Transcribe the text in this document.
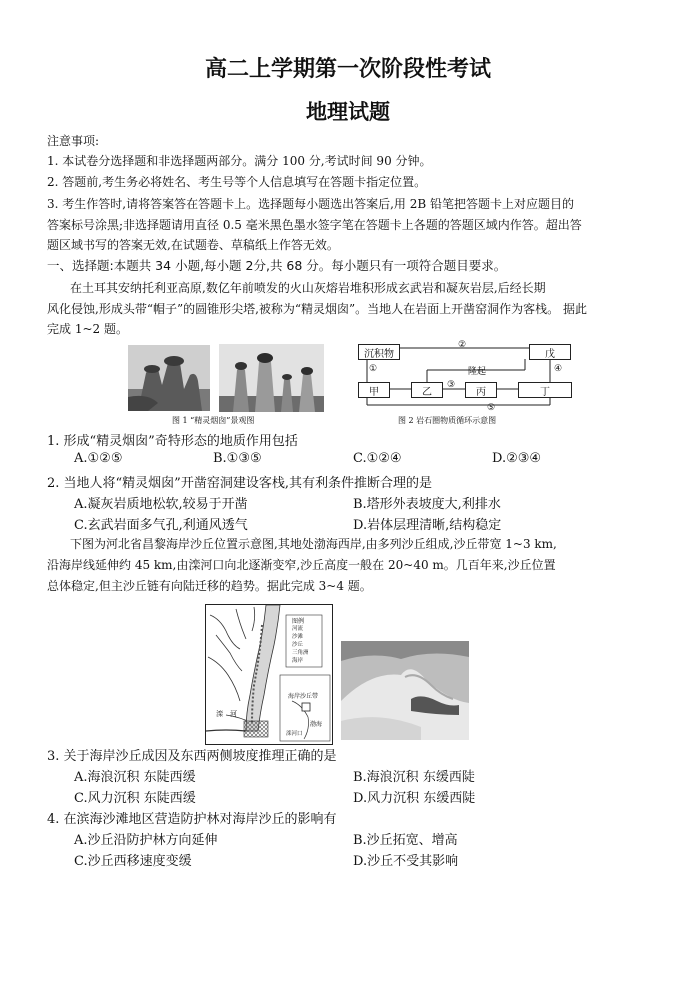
高二上学期第一次阶段性考试
地理试题
注意事项:
1. 本试卷分选择题和非选择题两部分。满分 100 分,考试时间 90 分钟。
2. 答题前,考生务必将姓名、考生号等个人信息填写在答题卡指定位置。
3. 考生作答时,请将答案答在答题卡上。选择题每小题选出答案后,用 2B 铅笔把答题卡上对应题目的
答案标号涂黑;非选择题请用直径 0.5 毫米黑色墨水签字笔在答题卡上各题的答题区域内作答。超出答
题区域书写的答案无效,在试题卷、草稿纸上作答无效。
一、选择题:本题共 34 小题,每小题 2分,共 68 分。每小题只有一项符合题目要求。
在土耳其安纳托利亚高原,数亿年前喷发的火山灰熔岩堆积形成玄武岩和凝灰岩层,后经长期
风化侵蚀,形成头带“帽子”的圆锥形尖塔,被称为“精灵烟囱”。当地人在岩面上开凿窑洞作为客栈。 据此
完成 1~2 题。
图 1 “精灵烟囱”景观图
沉积物	戊
甲	乙	丙	丁
①
②
③
④
⑤
隆起
图 2 岩石圈物质循环示意图
1. 形成“精灵烟囱”奇特形态的地质作用包括
A.①②⑤	B.①③⑤	C.①②④	D.②③④
2. 当地人将“精灵烟囱”开凿窑洞建设客栈,其有利条件推断合理的是
A.凝灰岩质地松软,较易于开凿	B.塔形外表坡度大,利排水
C.玄武岩面多气孔,利通风透气	D.岩体层理清晰,结构稳定
下图为河北省昌黎海岸沙丘位置示意图,其地处渤海西岸,由多列沙丘组成,沙丘带宽 1~3 km,
沿海岸线延伸约 45 km,由滦河口向北逐渐变窄,沙丘高度一般在 20~40 m。几百年来,沙丘位置
总体稳定,但主沙丘链有向陆迁移的趋势。据此完成 3~4 题。
图例
河流
沙滩
沙丘
三角洲
海岸
海岸沙丘带
渤海
滦 河
滦河口
3. 关于海岸沙丘成因及东西两侧坡度推理正确的是
A.海浪沉积 东陡西缓	B.海浪沉积 东缓西陡
C.风力沉积 东陡西缓	D.风力沉积 东缓西陡
4. 在滨海沙滩地区营造防护林对海岸沙丘的影响有
A.沙丘沿防护林方向延伸	B.沙丘拓宽、增高
C.沙丘西移速度变缓	D.沙丘不受其影响
